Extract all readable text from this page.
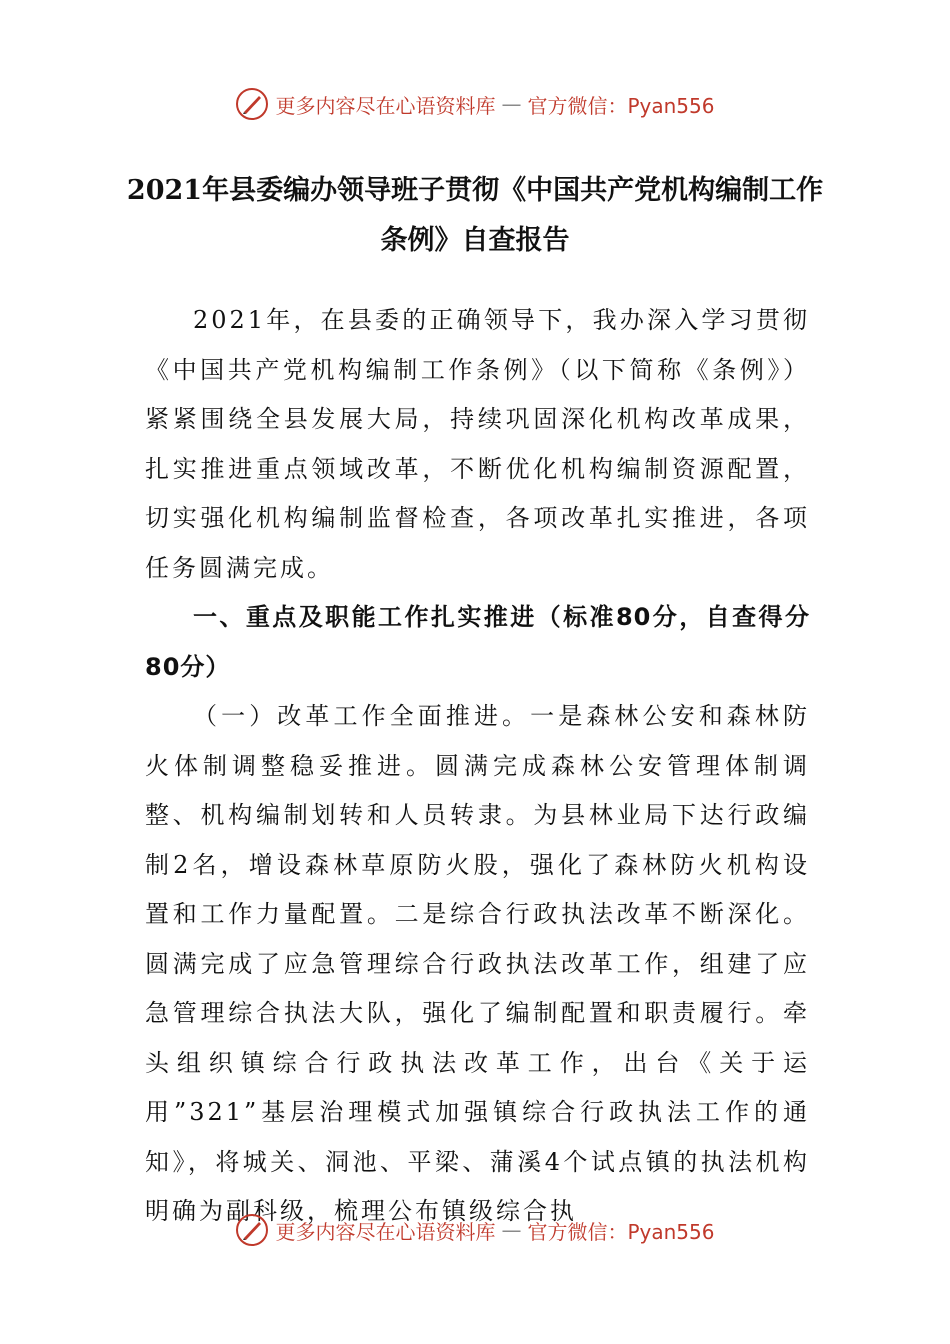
更多内容尽在心语资料库 — 官方微信：Pyan556
2021年县委编办领导班子贯彻《中国共产党机构编制工作
条例》自查报告

2021年，在县委的正确领导下，我办深入学习贯彻《中国共产党机构编制工作条例》（以下简称《条例》）紧紧围绕全县发展大局，持续巩固深化机构改革成果，扎实推进重点领域改革，不断优化机构编制资源配置，切实强化机构编制监督检查，各项改革扎实推进，各项任务圆满完成。

一、重点及职能工作扎实推进（标准80分，自查得分80分）

（一）改革工作全面推进。一是森林公安和森林防火体制调整稳妥推进。圆满完成森林公安管理体制调整、机构编制划转和人员转隶。为县林业局下达行政编制2名，增设森林草原防火股，强化了森林防火机构设置和工作力量配置。二是综合行政执法改革不断深化。圆满完成了应急管理综合行政执法改革工作，组建了应急管理综合执法大队，强化了编制配置和职责履行。牵头组织镇综合行政执法改革工作，出台《关于运用”321”基层治理模式加强镇综合行政执法工作的通知》，将城关、洞池、平梁、蒲溪4个试点镇的执法机构明确为副科级，梳理公布镇级综合执

更多内容尽在心语资料库 — 官方微信：Pyan556
